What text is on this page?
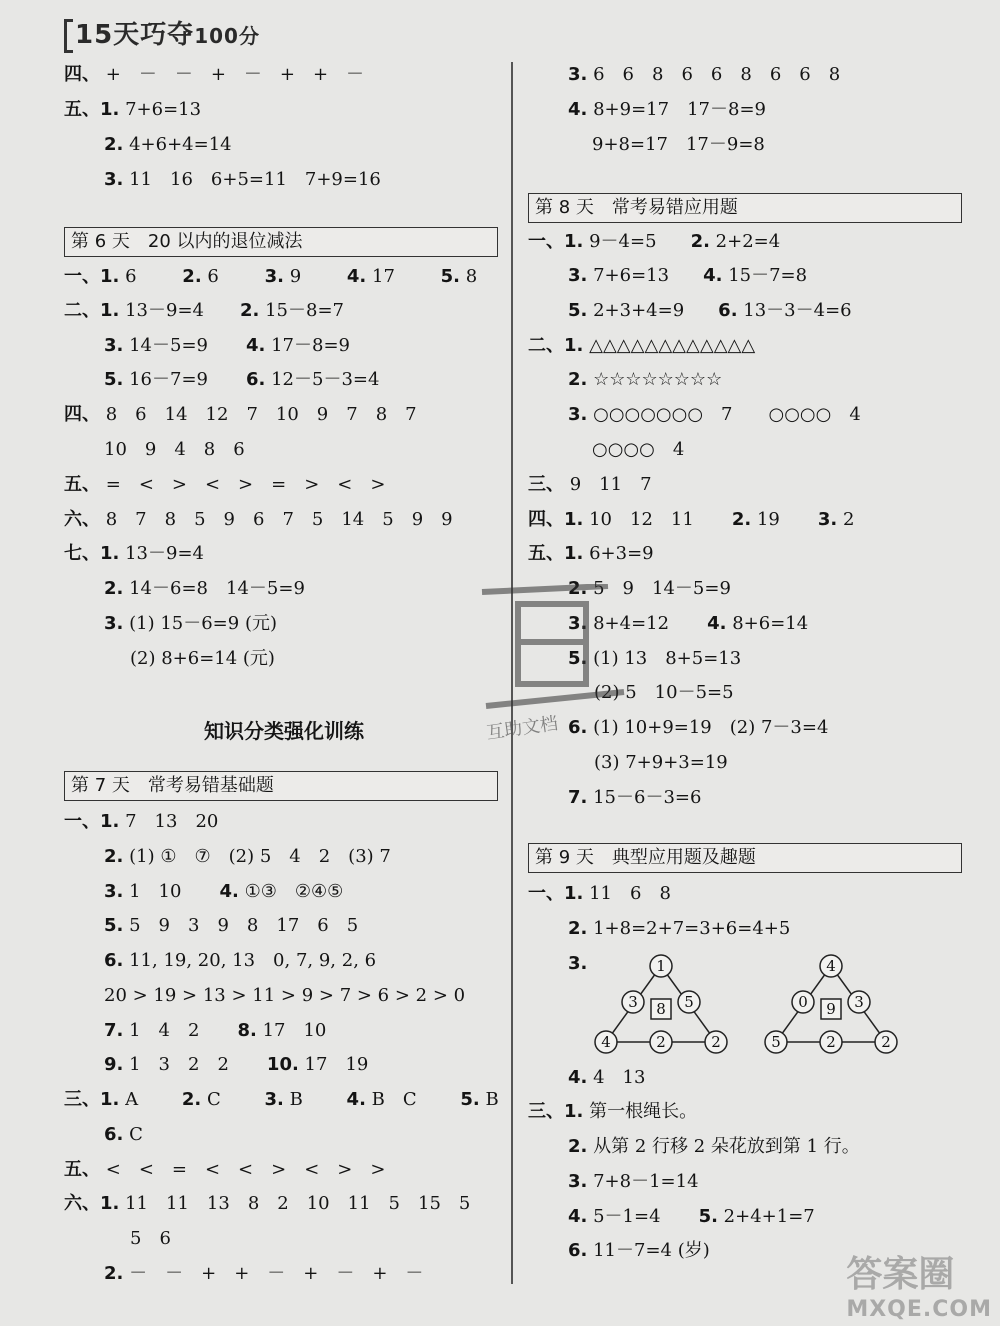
15天巧夺100分
四、 +　－　－　+　－　+　+　－
五、1. 7+6=13
2. 4+6+4=14
3. 11　16　6+5=11　7+9=16
第 6 天　20 以内的退位减法
一、1. 6	2. 6	3. 9	4. 17	5. 8
二、1. 13－9=4 2. 15－8=7
3. 14－5=9 4. 17－8=9
5. 16－7=9 6. 12－5－3=4
四、 8　6　14　12　7　10　9　7　8　7
10　9　4　8　6
五、 =　<　>　<　>　=　>　<　>
六、 8　7　8　5　9　6　7　5　14　5　9　9
七、1. 13－9=4
2. 14－6=8　14－5=9
3. (1) 15－6=9 (元)
(2) 8+6=14 (元)
知识分类强化训练
第 7 天　常考易错基础题
一、1. 7　13　20
2. (1) ①　⑦　(2) 5　4　2　(3) 7
3. 1　10　4. ①③　②④⑤
5. 5　9　3　9　8　17　6　5
6. 11, 19, 20, 13　0, 7, 9, 2, 6
20 > 19 > 13 > 11 > 9 > 7 > 6 > 2 > 0
7. 1　4　2　8. 17　10
9. 1　3　2　2　10. 17　19
三、1. A 2. C 3. B 4. B　C 5. B
6. C
五、 <　<　=　<　<　>　<　>　>
六、1. 11　11　13　8　2　10　11　5　15　5
5　6
2. －　－　+　+　－　+　－　+　－
3. 6　6　8　6　6　8　6　6　8
4. 8+9=17　17－8=9
9+8=17　17－9=8
第 8 天　常考易错应用题
一、1. 9－4=5 2. 2+2=4
3. 7+6=13 4. 15－7=8
5. 2+3+4=9 6. 13－3－4=6
二、1. △△△△△△△△△△△△
2. ☆☆☆☆☆☆☆☆
3. ○○○○○○○　7　　○○○○　4
○○○○　4
三、 9　11　7
四、1. 10　12　11　2. 19　3. 2
五、1. 6+3=9
2. 5　9　14－5=9
3. 8+4=12　4. 8+6=14
5. (1) 13　8+5=13
(2) 5　10－5=5
6. (1) 10+9=19　(2) 7－3=4
(3) 7+9+3=19
7. 15－6－3=6
第 9 天　典型应用题及趣题
一、1. 11　6　8
2. 1+8=2+7=3+6=4+5
3.	1
3	5
8
4	2	2
4
0	3
9
5	2	2
4. 4　13
三、1. 第一根绳长。
2. 从第 2 行移 2 朵花放到第 1 行。
3. 7+8－1=14
4. 5－1=4　5. 2+4+1=7
6. 11－7=4 (岁)
互助文档
答案圈
MXQE.COM
